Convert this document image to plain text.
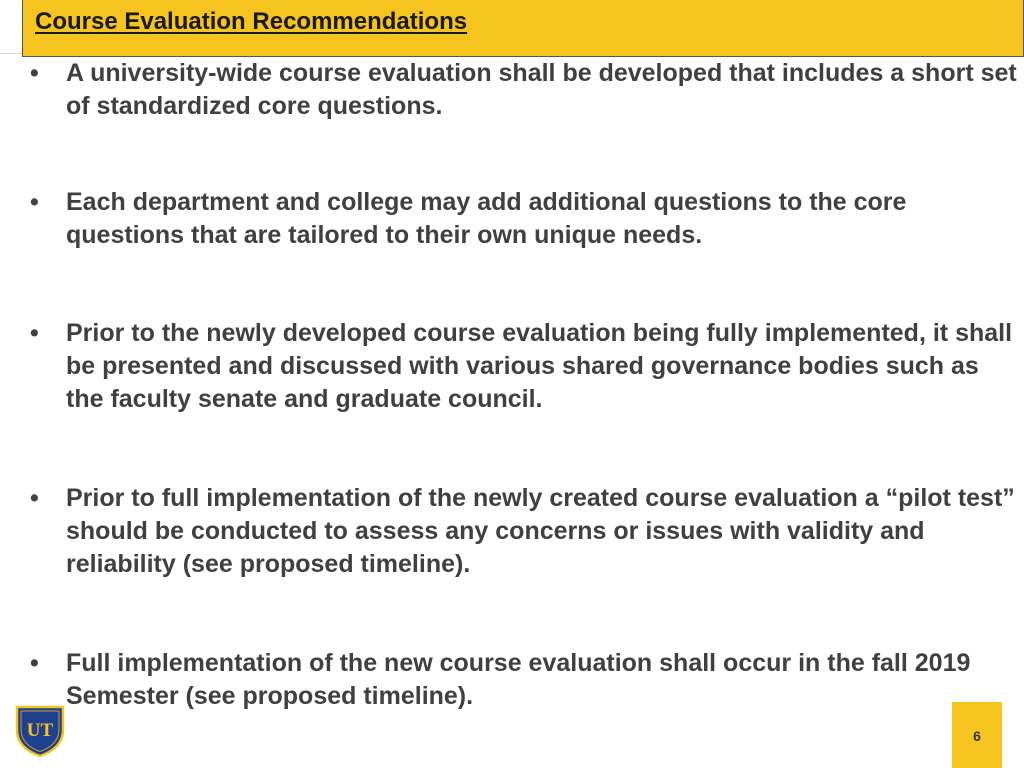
Course Evaluation Recommendations
•	A university-wide course evaluation shall be developed that includes a short set of standardized core questions.
•	Each department and college may add additional questions to the core questions that are tailored to their own unique needs.
•	Prior to the newly developed course evaluation being fully implemented, it shall be presented and discussed with various shared governance bodies such as the faculty senate and graduate council.
•	Prior to full implementation of the newly created course evaluation a “pilot test” should be conducted to assess any concerns or issues with validity and reliability (see proposed timeline).
•	Full implementation of the new course evaluation shall occur in the fall 2019 Semester (see proposed timeline).
UT	6
